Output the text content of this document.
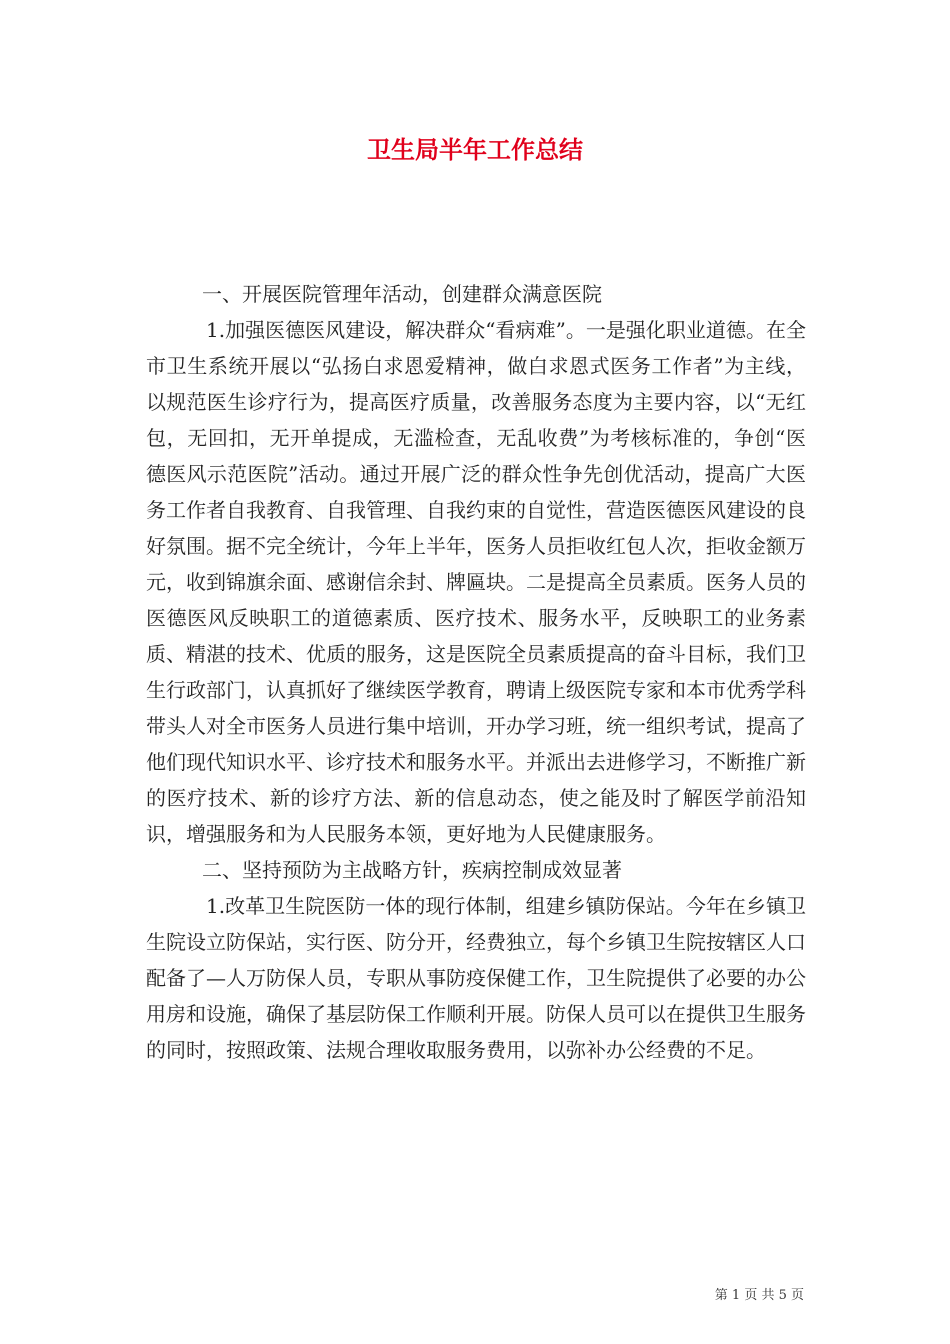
卫生局半年工作总结

一、开展医院管理年活动，创建群众满意医院

1.加强医德医风建设，解决群众“看病难”。一是强化职业道德。在全市卫生系统开展以“弘扬白求恩爱精神，做白求恩式医务工作者”为主线，以规范医生诊疗行为，提高医疗质量，改善服务态度为主要内容，以“无红包，无回扣，无开单提成，无滥检查，无乱收费”为考核标准的，争创“医德医风示范医院”活动。通过开展广泛的群众性争先创优活动，提高广大医务工作者自我教育、自我管理、自我约束的自觉性，营造医德医风建设的良好氛围。据不完全统计，今年上半年，医务人员拒收红包人次，拒收金额万元，收到锦旗余面、感谢信余封、牌匾块。二是提高全员素质。医务人员的医德医风反映职工的道德素质、医疗技术、服务水平，反映职工的业务素质、精湛的技术、优质的服务，这是医院全员素质提高的奋斗目标，我们卫生行政部门，认真抓好了继续医学教育，聘请上级医院专家和本市优秀学科带头人对全市医务人员进行集中培训，开办学习班，统一组织考试，提高了他们现代知识水平、诊疗技术和服务水平。并派出去进修学习，不断推广新的医疗技术、新的诊疗方法、新的信息动态，使之能及时了解医学前沿知识，增强服务和为人民服务本领，更好地为人民健康服务。

二、坚持预防为主战略方针，疾病控制成效显著

1.改革卫生院医防一体的现行体制，组建乡镇防保站。今年在乡镇卫生院设立防保站，实行医、防分开，经费独立，每个乡镇卫生院按辖区人口配备了—人万防保人员，专职从事防疫保健工作，卫生院提供了必要的办公用房和设施，确保了基层防保工作顺利开展。防保人员可以在提供卫生服务的同时，按照政策、法规合理收取服务费用，以弥补办公经费的不足。

第 1 页 共 5 页
